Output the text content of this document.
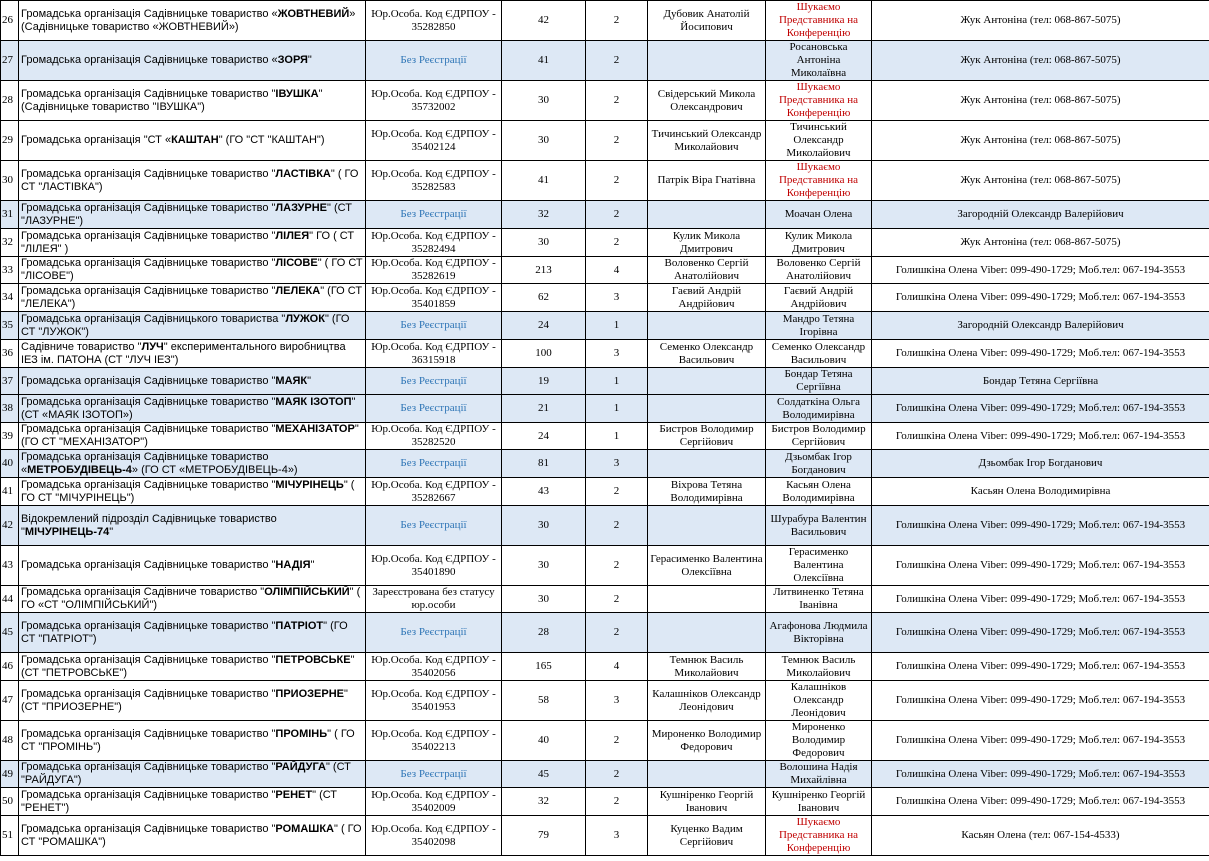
26	Громадська організація Садівницьке товариство «ЖОВТНЕВИЙ» (Садівницьке товариство «ЖОВТНЕВИЙ»)	Юр.Особа. Код ЄДРПОУ - 35282850	42	2	Дубовик Анатолій Йосипович	Шукаємо Представника на Конференцію	Жук Антоніна (тел: 068-867-5075)
27	Громадська організація Садівницьке товариство «ЗОРЯ"	Без Реєстрації	41	2		Росановська Антоніна Миколаївна	Жук Антоніна (тел: 068-867-5075)
28	Громадська організація Садівницьке товариство "ІВУШКА" (Садівницьке товариство "ІВУШКА")	Юр.Особа. Код ЄДРПОУ - 35732002	30	2	Свідерський Микола Олександрович	Шукаємо Представника на Конференцію	Жук Антоніна (тел: 068-867-5075)
29	Громадська організація "СТ «КАШТАН" (ГО "СТ "КАШТАН")	Юр.Особа. Код ЄДРПОУ - 35402124	30	2	Тичинський Олександр Миколайович	Тичинський Олександр Миколайович	Жук Антоніна (тел: 068-867-5075)
30	Громадська організація Садівницьке товариство "ЛАСТІВКА" ( ГО СТ "ЛАСТІВКА")	Юр.Особа. Код ЄДРПОУ - 35282583	41	2	Патрік Віра Гнатівна	Шукаємо Представника на Конференцію	Жук Антоніна (тел: 068-867-5075)
31	Громадська організація Садівницьке товариство "ЛАЗУРНЕ" (СТ "ЛАЗУРНЕ")	Без Реєстрації	32	2		Моачан Олена	Загородній Олександр Валерійович
32	Громадська організація Садівницьке товариство "ЛІЛЕЯ" ГО ( СТ "ЛІЛЕЯ" )	Юр.Особа. Код ЄДРПОУ - 35282494	30	2	Кулик Микола Дмитрович	Кулик Микола Дмитрович	Жук Антоніна (тел: 068-867-5075)
33	Громадська організація Садівницьке товариство "ЛІСОВЕ" ( ГО СТ "ЛІСОВЕ")	Юр.Особа. Код ЄДРПОУ - 35282619	213	4	Воловенко Сергій Анатолійович	Воловенко Сергій Анатолійович	Голишкіна Олена Viber: 099-490-1729; Моб.тел: 067-194-3553
34	Громадська організація Садівницьке товариство "ЛЕЛЕКА" (ГО СТ "ЛЕЛЕКА")	Юр.Особа. Код ЄДРПОУ - 35401859	62	3	Гаєвий Андрій Андрійович	Гаєвий Андрій Андрійович	Голишкіна Олена Viber: 099-490-1729; Моб.тел: 067-194-3553
35	Громадська організація Садівницького товариства "ЛУЖОК" (ГО СТ "ЛУЖОК")	Без Реєстрації	24	1		Мандро Тетяна Ігорівна	Загородній Олександр Валерійович
36	Садівниче товариство "ЛУЧ" експериментального виробництва ІЕЗ ім. ПАТОНА (СТ "ЛУЧ ІЕЗ")	Юр.Особа. Код ЄДРПОУ - 36315918	100	3	Семенко Олександр Васильович	Семенко Олександр Васильович	Голишкіна Олена Viber: 099-490-1729; Моб.тел: 067-194-3553
37	Громадська організація Садівницьке товариство "МАЯК"	Без Реєстрації	19	1		Бондар Тетяна Сергіївна	Бондар Тетяна Сергіївна
38	Громадська організація Садівницьке товариство "МАЯК ІЗОТОП" (СТ «МАЯК ІЗОТОП»)	Без Реєстрації	21	1		Солдаткіна Ольга Володимирівна	Голишкіна Олена Viber: 099-490-1729; Моб.тел: 067-194-3553
39	Громадська організація Садівницьке товариство "МЕХАНІЗАТОР" (ГО СТ "МЕХАНІЗАТОР")	Юр.Особа. Код ЄДРПОУ - 35282520	24	1	Бистров Володимир Сергійович	Бистров Володимир Сергійович	Голишкіна Олена Viber: 099-490-1729; Моб.тел: 067-194-3553
40	Громадська організація Садівницьке товариство «МЕТРОБУДІВЕЦЬ-4» (ГО СТ «МЕТРОБУДІВЕЦЬ-4»)	Без Реєстрації	81	3		Дзьомбак Ігор Богданович	Дзьомбак Ігор Богданович
41	Громадська організація Садівницьке товариство "МІЧУРІНЕЦЬ" ( ГО СТ "МІЧУРІНЕЦЬ")	Юр.Особа. Код ЄДРПОУ - 35282667	43	2	Віхрова Тетяна Володимирівна	Касьян Олена Володимирівна	Касьян Олена Володимирівна
42	Відокремлений підрозділ Садівницьке товариство "МІЧУРІНЕЦЬ-74"	Без Реєстрації	30	2		Шурабура Валентин Васильович	Голишкіна Олена Viber: 099-490-1729; Моб.тел: 067-194-3553
43	Громадська організація Садівницьке товариство "НАДІЯ"	Юр.Особа. Код ЄДРПОУ - 35401890	30	2	Герасименко Валентина Олексіївна	Герасименко Валентина Олексіївна	Голишкіна Олена Viber: 099-490-1729; Моб.тел: 067-194-3553
44	Громадська організація Садівниче товариство "ОЛІМПІЙСЬКИЙ" ( ГО «СТ "ОЛІМПІЙСЬКИЙ")	Зареєстрована без статусу юр.особи	30	2		Литвиненко Тетяна Іванівна	Голишкіна Олена Viber: 099-490-1729; Моб.тел: 067-194-3553
45	Громадська організація Садівницьке товариство "ПАТРІОТ" (ГО СТ "ПАТРІОТ")	Без Реєстрації	28	2		Агафонова Людмила Вікторівна	Голишкіна Олена Viber: 099-490-1729; Моб.тел: 067-194-3553
46	Громадська організація Садівницьке товариство "ПЕТРОВСЬКЕ" (СТ "ПЕТРОВСЬКЕ")	Юр.Особа. Код ЄДРПОУ - 35402056	165	4	Темнюк Василь Миколайович	Темнюк Василь Миколайович	Голишкіна Олена Viber: 099-490-1729; Моб.тел: 067-194-3553
47	Громадська організація Садівницьке товариство "ПРИОЗЕРНЕ" (СТ "ПРИОЗЕРНЕ")	Юр.Особа. Код ЄДРПОУ - 35401953	58	3	Калашніков Олександр Леонідович	Калашніков Олександр Леонідович	Голишкіна Олена Viber: 099-490-1729; Моб.тел: 067-194-3553
48	Громадська організація Садівницьке товариство "ПРОМІНЬ" ( ГО СТ "ПРОМІНЬ")	Юр.Особа. Код ЄДРПОУ - 35402213	40	2	Мироненко Володимир Федорович	Мироненко Володимир Федорович	Голишкіна Олена Viber: 099-490-1729; Моб.тел: 067-194-3553
49	Громадська організація Садівницьке товариство "РАЙДУГА" (СТ "РАЙДУГА")	Без Реєстрації	45	2		Волошина Надія Михайлівна	Голишкіна Олена Viber: 099-490-1729; Моб.тел: 067-194-3553
50	Громадська організація Садівницьке товариство "РЕНЕТ" (СТ "РЕНЕТ")	Юр.Особа. Код ЄДРПОУ - 35402009	32	2	Кушніренко Георгій Іванович	Кушніренко Георгій Іванович	Голишкіна Олена Viber: 099-490-1729; Моб.тел: 067-194-3553
51	Громадська організація Садівницьке товариство "РОМАШКА" ( ГО СТ "РОМАШКА")	Юр.Особа. Код ЄДРПОУ - 35402098	79	3	Куценко Вадим Сергійович	Шукаємо Представника на Конференцію	Касьян Олена (тел: 067-154-4533)
